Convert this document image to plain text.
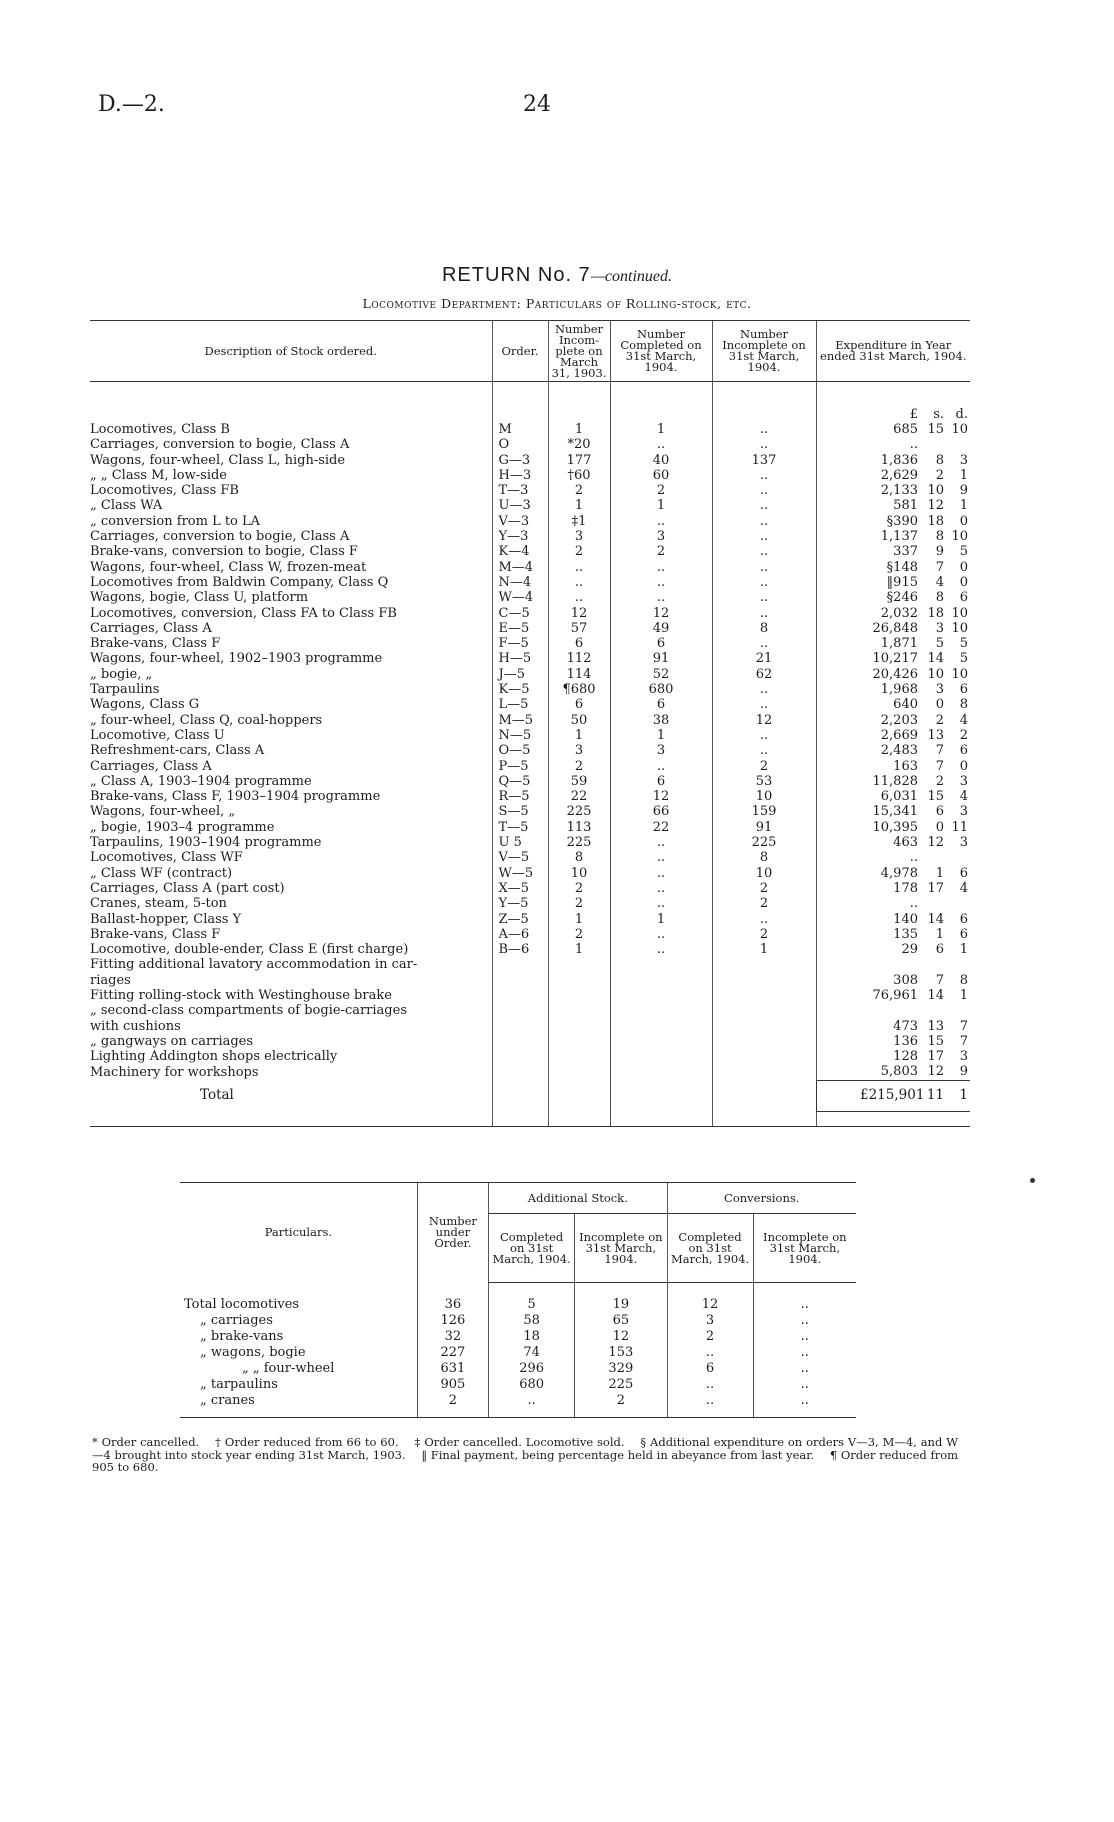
D.—2.	24
RETURN No. 7—continued.
Locomotive Department: Particulars of Rolling-stock, etc.
Description of Stock ordered.	Order.	Number Incom-plete on March 31, 1903.	Number Completed on 31st March, 1904.	Number Incomplete on 31st March, 1904.	Expenditure in Year ended 31st March, 1904.

					£ s. d.
Locomotives, Class B	M	1	1	..	685 15 10
Carriages, conversion to bogie, Class A	O	*20	..	..	..
Wagons, four-wheel, Class L, high-side	G—3	177	40	137	1,836 8 3
„ „ Class M, low-side	H—3	†60	60	..	2,629 2 1
Locomotives, Class FB	T—3	2	2	..	2,133 10 9
„ Class WA	U—3	1	1	..	581 12 1
„ conversion from L to LA	V—3	‡1	..	..	§390 18 0
Carriages, conversion to bogie, Class A	Y—3	3	3	..	1,137 8 10
Brake-vans, conversion to bogie, Class F	K—4	2	2	..	337 9 5
Wagons, four-wheel, Class W, frozen-meat	M—4	..	..	..	§148 7 0
Locomotives from Baldwin Company, Class Q	N—4	..	..	..	‖915 4 0
Wagons, bogie, Class U, platform	W—4	..	..	..	§246 8 6
Locomotives, conversion, Class FA to Class FB	C—5	12	12	..	2,032 18 10
Carriages, Class A	E—5	57	49	8	26,848 3 10
Brake-vans, Class F	F—5	6	6	..	1,871 5 5
Wagons, four-wheel, 1902–1903 programme	H—5	112	91	21	10,217 14 5
„ bogie, „	J—5	114	52	62	20,426 10 10
Tarpaulins	K—5	¶680	680	..	1,968 3 6
Wagons, Class G	L—5	6	6	..	640 0 8
„ four-wheel, Class Q, coal-hoppers	M—5	50	38	12	2,203 2 4
Locomotive, Class U	N—5	1	1	..	2,669 13 2
Refreshment-cars, Class A	O—5	3	3	..	2,483 7 6
Carriages, Class A	P—5	2	..	2	163 7 0
„ Class A, 1903–1904 programme	Q—5	59	6	53	11,828 2 3
Brake-vans, Class F, 1903–1904 programme	R—5	22	12	10	6,031 15 4
Wagons, four-wheel, „	S—5	225	66	159	15,341 6 3
„ bogie, 1903–4 programme	T—5	113	22	91	10,395 0 11
Tarpaulins, 1903–1904 programme	U 5	225	..	225	463 12 3
Locomotives, Class WF	V—5	8	..	8	..
„ Class WF (contract)	W—5	10	..	10	4,978 1 6
Carriages, Class A (part cost)	X—5	2	..	2	178 17 4
Cranes, steam, 5-ton	Y—5	2	..	2	..
Ballast-hopper, Class Y	Z—5	1	1	..	140 14 6
Brake-vans, Class F	A—6	2	..	2	135 1 6
Locomotive, double-ender, Class E (first charge)	B—6	1	..	1	29 6 1
Fitting additional lavatory accommodation in car-					
riages					308 7 8
Fitting rolling-stock with Westinghouse brake					76,961 14 1
„ second-class compartments of bogie-carriages					
with cushions					473 13 7
„ gangways on carriages					136 15 7
Lighting Addington shops electrically					128 17 3
Machinery for workshops					5,803 12 9
Total					£215,901 11 1

Particulars.	Number under Order.	Additional Stock.		Conversions.	
		Completed on 31st March, 1904.	Incomplete on 31st March, 1904.	Completed on 31st March, 1904.	Incomplete on 31st March, 1904.

Total locomotives	36	5	19	12	..
„ carriages	126	58	65	3	..
„ brake-vans	32	18	12	2	..
„ wagons, bogie	227	74	153	..	..
„ „ four-wheel	631	296	329	6	..
„ tarpaulins	905	680	225	..	..
„ cranes	2	..	2	..	..

* Order cancelled. † Order reduced from 66 to 60. ‡ Order cancelled. Locomotive sold. § Additional expenditure on orders V—3, M—4, and W—4 brought into stock year ending 31st March, 1903. ‖ Final payment, being percentage held in abeyance from last year. ¶ Order reduced from 905 to 680.
